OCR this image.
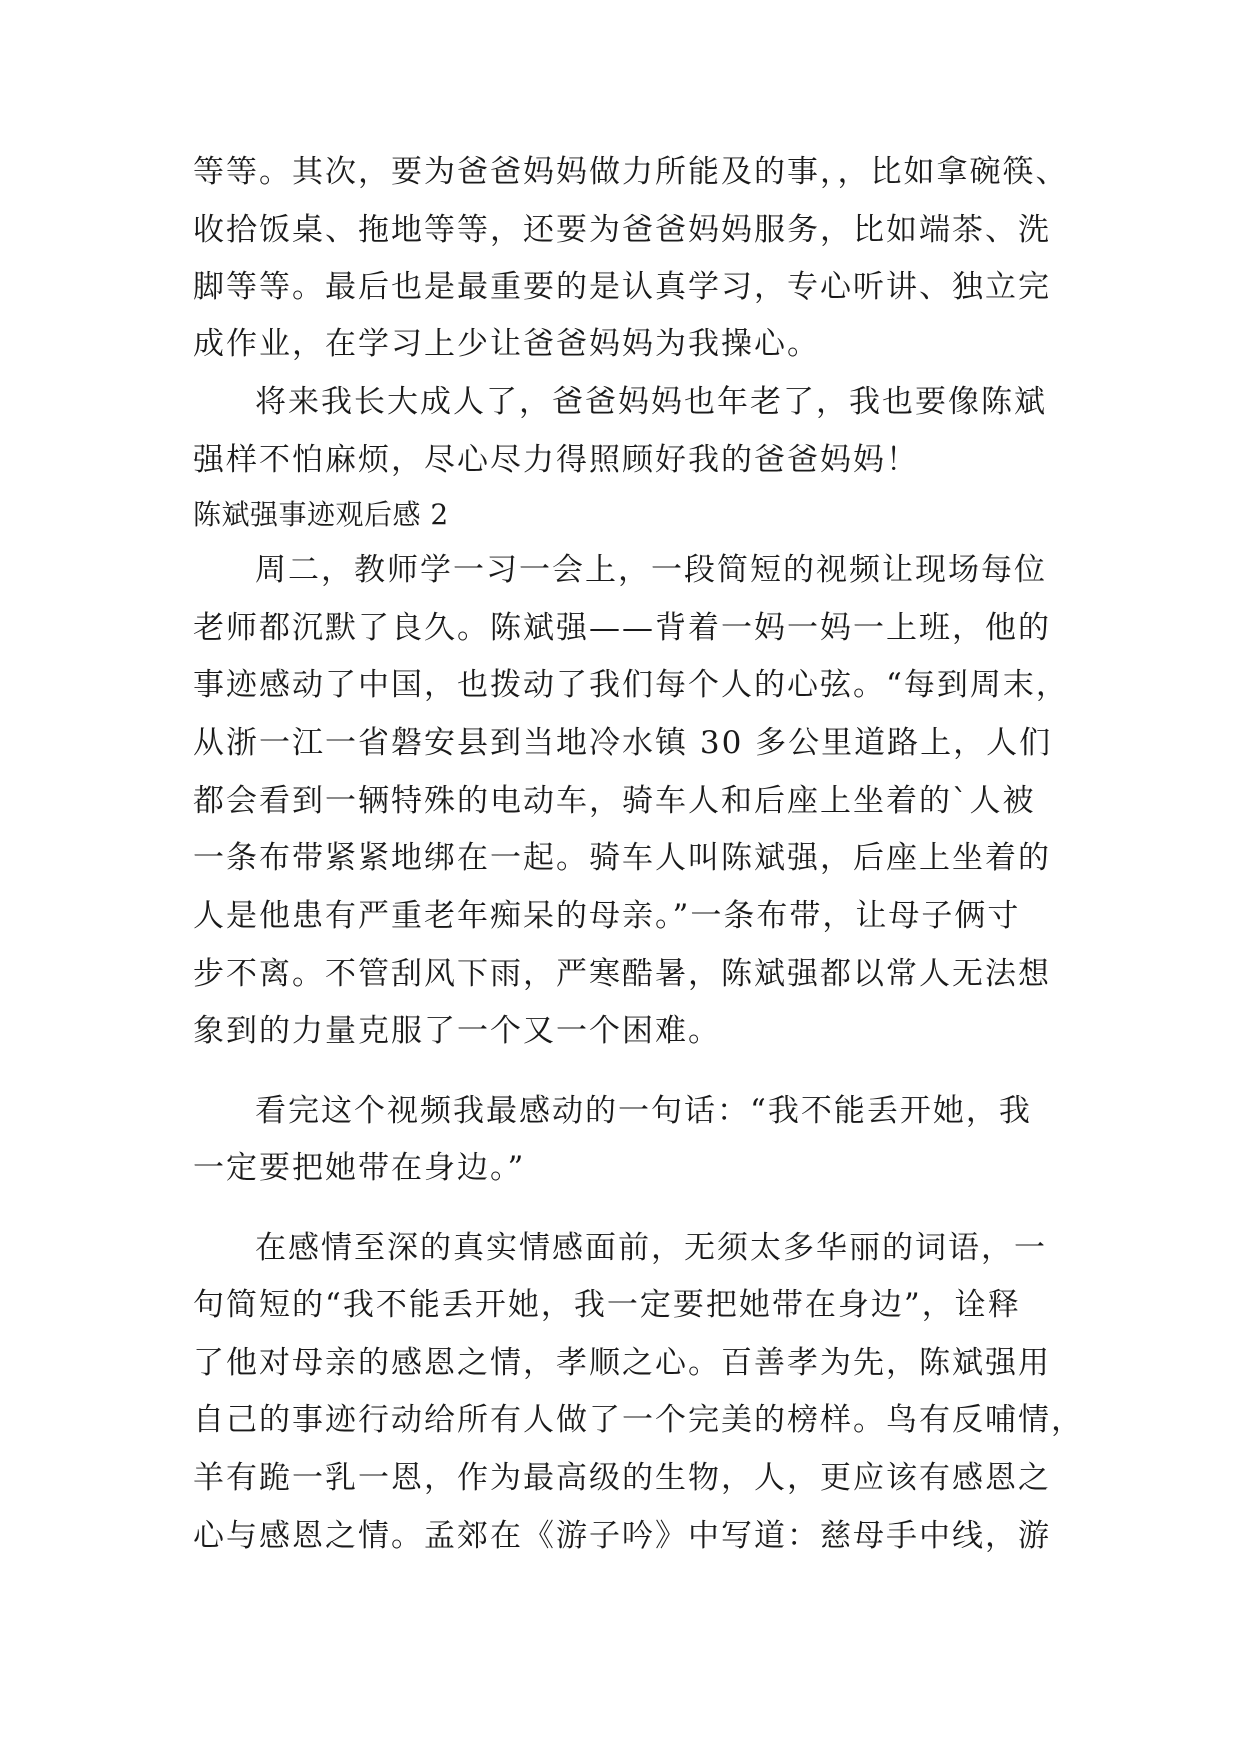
等等。其次，要为爸爸妈妈做力所能及的事，，比如拿碗筷、
收拾饭桌、拖地等等，还要为爸爸妈妈服务，比如端茶、洗
脚等等。最后也是最重要的是认真学习，专心听讲、独立完
成作业，在学习上少让爸爸妈妈为我操心。
将来我长大成人了，爸爸妈妈也年老了，我也要像陈斌
强样不怕麻烦，尽心尽力得照顾好我的爸爸妈妈！
陈斌强事迹观后感 2
周二，教师学一习一会上，一段简短的视频让现场每位
老师都沉默了良久。陈斌强——背着一妈一妈一上班，他的
事迹感动了中国，也拨动了我们每个人的心弦。“每到周末，
从浙一江一省磐安县到当地冷水镇 30 多公里道路上，人们
都会看到一辆特殊的电动车，骑车人和后座上坐着的`人被
一条布带紧紧地绑在一起。骑车人叫陈斌强，后座上坐着的
人是他患有严重老年痴呆的母亲。”一条布带，让母子俩寸
步不离。不管刮风下雨，严寒酷暑，陈斌强都以常人无法想
象到的力量克服了一个又一个困难。
看完这个视频我最感动的一句话：“我不能丢开她，我
一定要把她带在身边。”
在感情至深的真实情感面前，无须太多华丽的词语，一
句简短的“我不能丢开她，我一定要把她带在身边”，诠释
了他对母亲的感恩之情，孝顺之心。百善孝为先，陈斌强用
自己的事迹行动给所有人做了一个完美的榜样。鸟有反哺情，
羊有跪一乳一恩，作为最高级的生物，人，更应该有感恩之
心与感恩之情。孟郊在《游子吟》中写道：慈母手中线，游
